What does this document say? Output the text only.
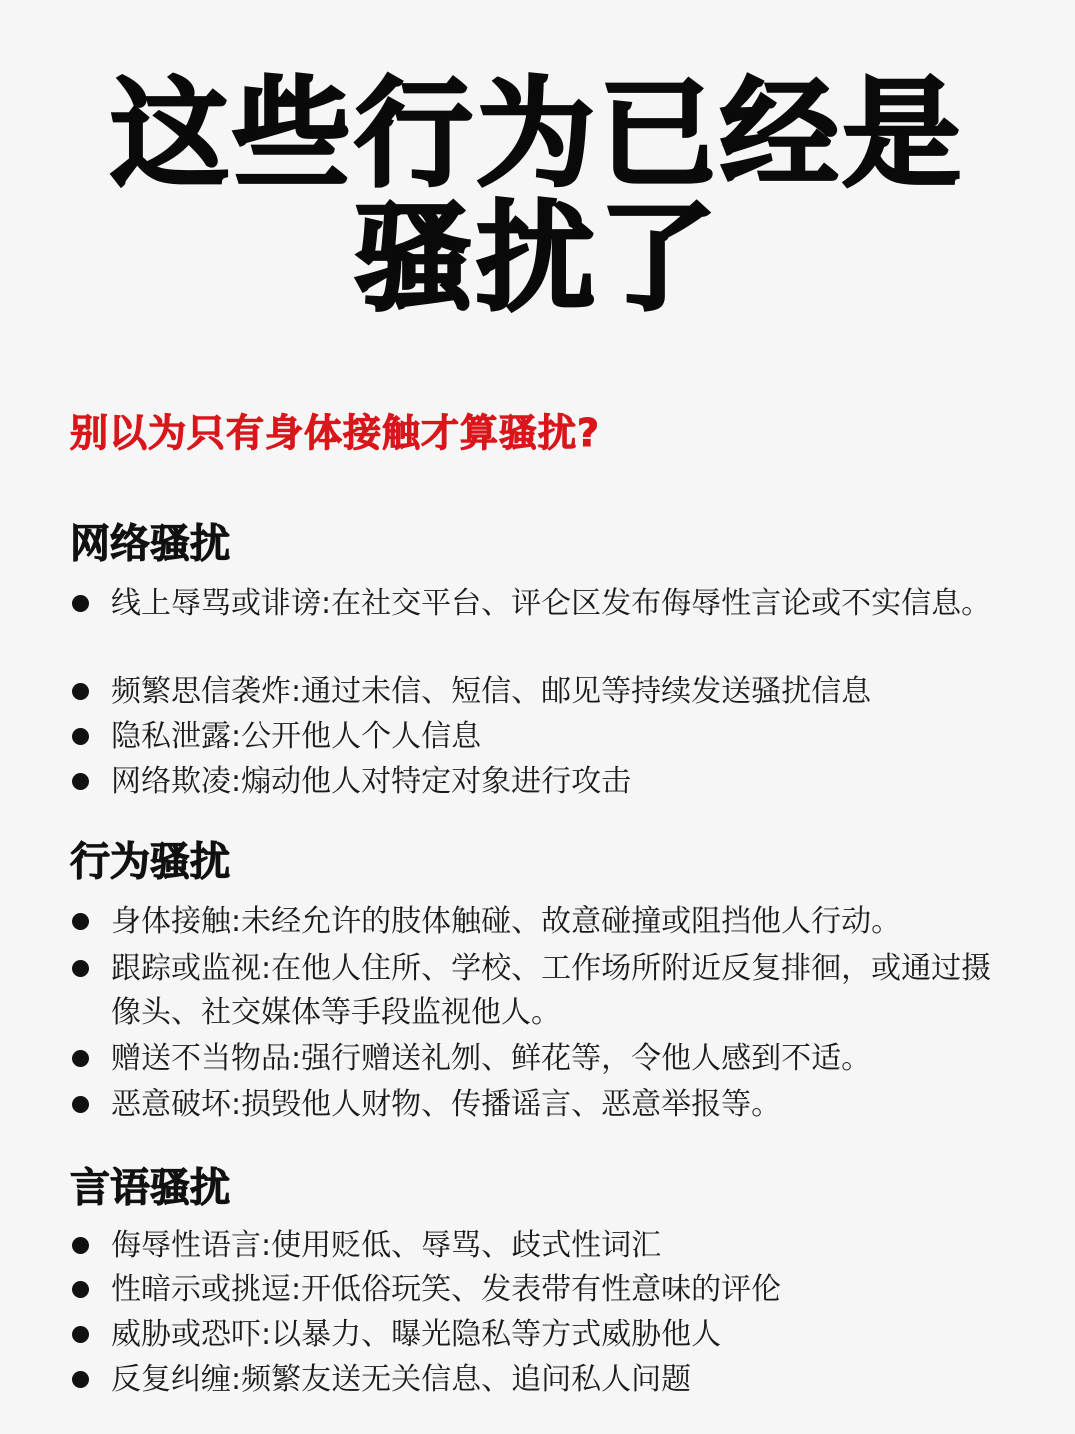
这些行为已经是
骚扰了
别以为只有身体接触才算骚扰?
网络骚扰
线上辱骂或诽谤:在社交平台、评仑区发布侮辱性言论或不实信息。
频繁思信袭炸:通过未信、短信、邮见等持续发送骚扰信息
隐私泄露:公开他人个人信息
网络欺凌:煽动他人对特定对象进行攻击
行为骚扰
身体接触:未经允许的肢体触碰、故意碰撞或阻挡他人行动。
跟踪或监视:在他人住所、学校、工作场所附近反复排徊，或通过摄像头、社交媒体等手段监视他人。
赠送不当物品:强行赠送礼刎、鲜花等，令他人感到不适。
恶意破坏:损毁他人财物、传播谣言、恶意举报等。
言语骚扰
侮辱性语言:使用贬低、辱骂、歧式性词汇
性暗示或挑逗:开低俗玩笑、发表带有性意味的评伦
威胁或恐吓:以暴力、曝光隐私等方式威胁他人
反复纠缠:频繁友送无关信息、追问私人问题
